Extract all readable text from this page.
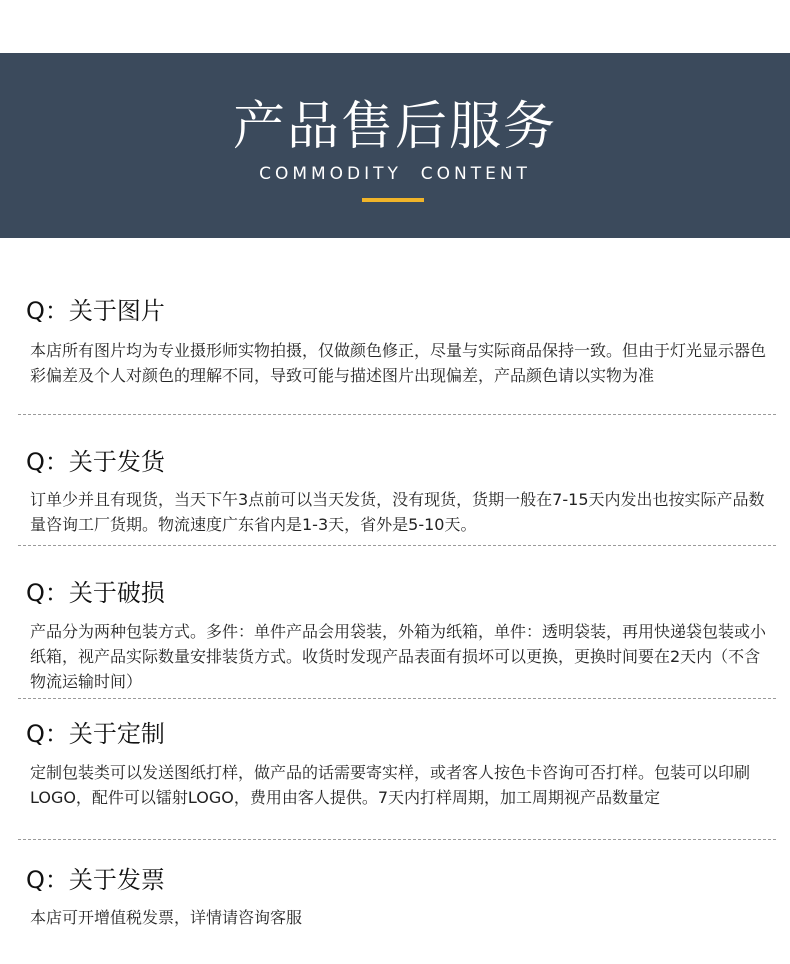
产品售后服务
COMMODITY  CONTENT
Q：关于图片
本店所有图片均为专业摄形师实物拍摄，仅做颜色修正，尽量与实际商品保持一致。但由于灯光显示器色彩偏差及个人对颜色的理解不同，导致可能与描述图片出现偏差，产品颜色请以实物为准
Q：关于发货
订单少并且有现货，当天下午3点前可以当天发货，没有现货，货期一般在7-15天内发出也按实际产品数量咨询工厂货期。物流速度广东省内是1-3天，省外是5-10天。
Q：关于破损
产品分为两种包装方式。多件：单件产品会用袋装，外箱为纸箱，单件：透明袋装，再用快递袋包装或小纸箱，视产品实际数量安排装货方式。收货时发现产品表面有损坏可以更换，更换时间要在2天内（不含物流运输时间）
Q：关于定制
定制包装类可以发送图纸打样，做产品的话需要寄实样，或者客人按色卡咨询可否打样。包装可以印刷LOGO，配件可以镭射LOGO，费用由客人提供。7天内打样周期，加工周期视产品数量定
Q：关于发票
本店可开增值税发票，详情请咨询客服
